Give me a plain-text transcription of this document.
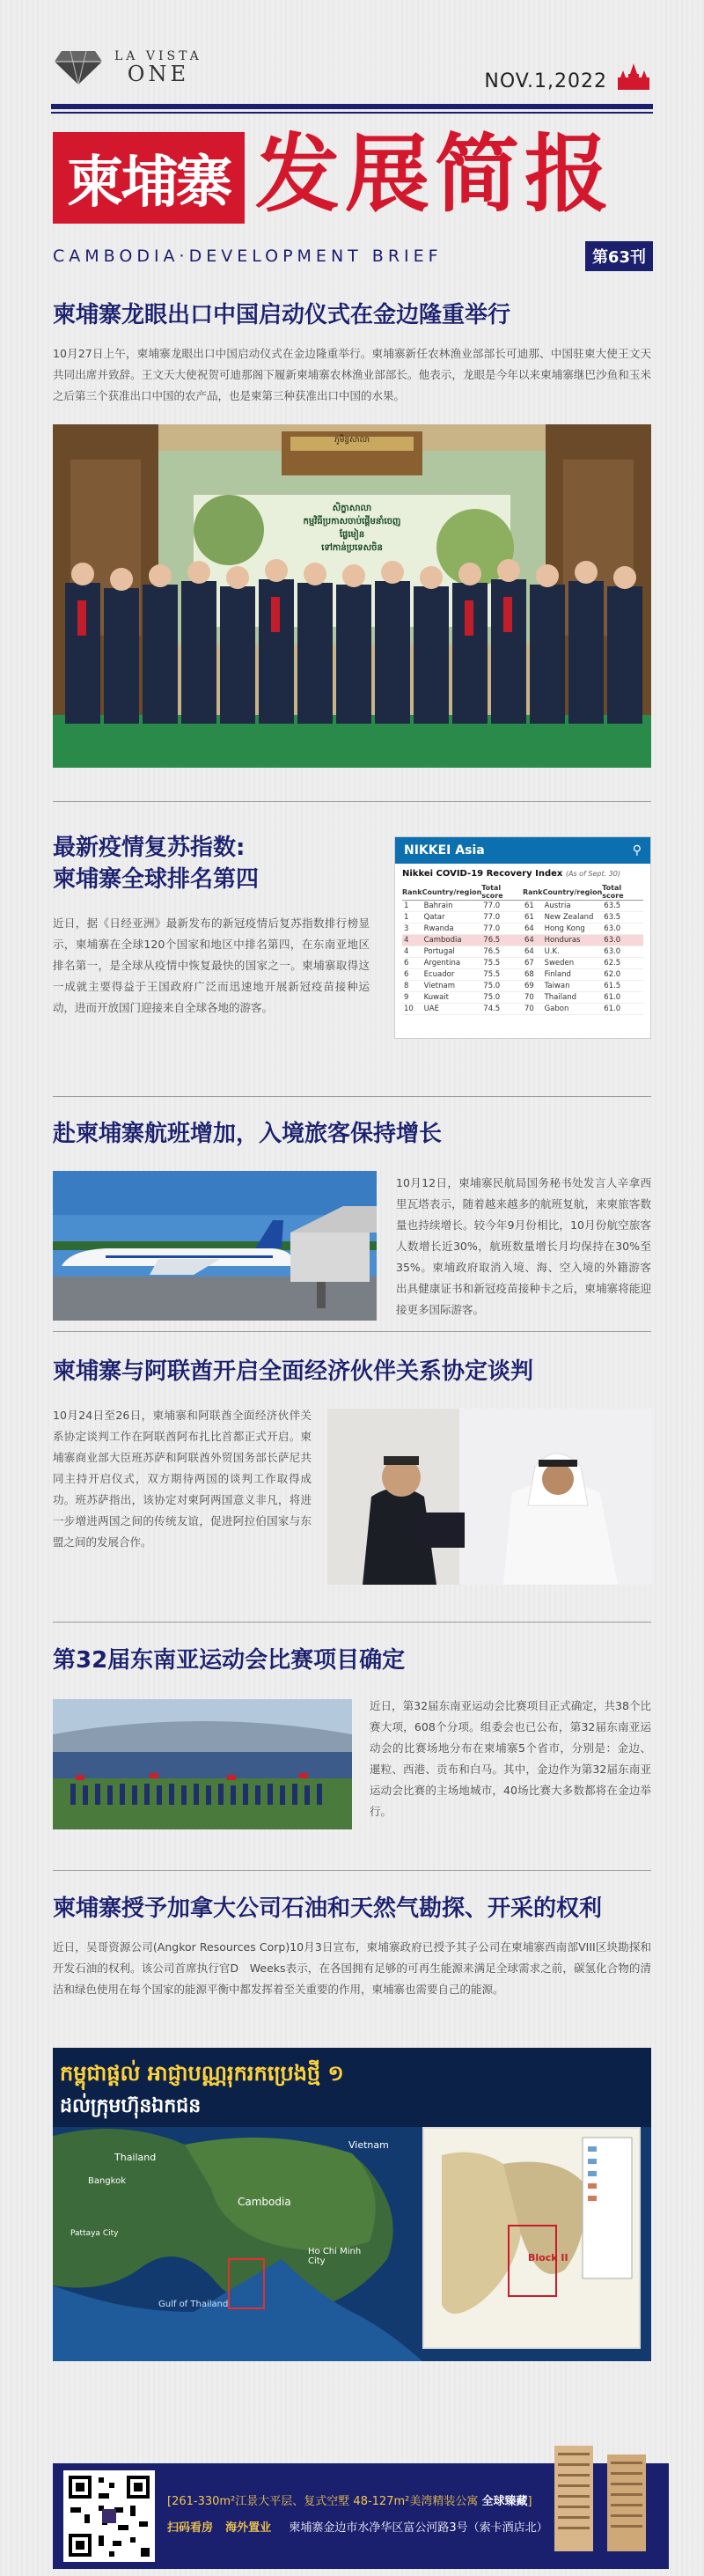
LA VISTA
ONE	NOV.1,2022
柬埔寨 发展简报
CAMBODIA·DEVELOPMENT BRIEF	第63刊
柬埔寨龙眼出口中国启动仪式在金边隆重举行
10月27日上午，柬埔寨龙眼出口中国启动仪式在金边隆重举行。柬埔寨新任农林渔业部部长可迪那、中国驻柬大使王文天共同出席并致辞。王文天大使祝贺可迪那阁下履新柬埔寨农林渔业部部长。他表示，龙眼是今年以来柬埔寨继巴沙鱼和玉米之后第三个获准出口中国的农产品，也是柬第三种获准出口中国的水果。
សិក្ខាសាលា
កម្មវិធីប្រកាសចាប់ផ្ដើមនាំចេញ
ផ្លែមៀន
ទៅកាន់ប្រទេសចិន
ភូមិន្ទសាលា
最新疫情复苏指数:
柬埔寨全球排名第四
近日，据《日经亚洲》最新发布的新冠疫情后复苏指数排行榜显示，柬埔寨在全球120个国家和地区中排名第四，在东南亚地区排名第一，是全球从疫情中恢复最快的国家之一。柬埔寨取得这一成就主要得益于王国政府广泛而迅速地开展新冠疫苗接种运动，进而开放国门迎接来自全球各地的游客。
NIKKEI Asia	⚲
Nikkei COVID-19 Recovery Index (As of Sept. 30)
Rank	Country/region	Total score	Rank	Country/region	Total score
1	Bahrain	77.0	61	Austria	63.5
1	Qatar	77.0	61	New Zealand	63.5
3	Rwanda	77.0	64	Hong Kong	63.0
4	Cambodia	76.5	64	Honduras	63.0
4	Portugal	76.5	64	U.K.	63.0
6	Argentina	75.5	67	Sweden	62.5
6	Ecuador	75.5	68	Finland	62.0
8	Vietnam	75.0	69	Taiwan	61.5
9	Kuwait	75.0	70	Thailand	61.0
10	UAE	74.5	70	Gabon	61.0
赴柬埔寨航班增加，入境旅客保持增长
10月12日，柬埔寨民航局国务秘书处发言人辛拿西里瓦塔表示，随着越来越多的航班复航，来柬旅客数量也持续增长。较今年9月份相比，10月份航空旅客人数增长近30%，航班数量增长月均保持在30%至35%。柬埔政府取消入境、海、空入境的外籍游客出具健康证书和新冠疫苗接种卡之后，柬埔寨将能迎接更多国际游客。
柬埔寨与阿联酋开启全面经济伙伴关系协定谈判
10月24日至26日，柬埔寨和阿联酋全面经济伙伴关系协定谈判工作在阿联酋阿布扎比首都正式开启。柬埔寨商业部大臣班苏萨和阿联酋外贸国务部长萨尼共同主持开启仪式，双方期待两国的谈判工作取得成功。班苏萨指出，该协定对柬阿两国意义非凡，将进一步增进两国之间的传统友谊，促进阿拉伯国家与东盟之间的发展合作。
第32届东南亚运动会比赛项目确定
近日，第32届东南亚运动会比赛项目正式确定，共38个比赛大项，608个分项。组委会也已公布，第32届东南亚运动会的比赛场地分布在柬埔寨5个省市，分别是：金边、暹粒、西港、贡布和白马。其中，金边作为第32届东南亚运动会比赛的主场地城市，40场比赛大多数都将在金边举行。
柬埔寨授予加拿大公司石油和天然气勘探、开采的权利
近日，吴哥资源公司(Angkor Resources Corp)10月3日宣布，柬埔寨政府已授予其子公司在柬埔寨西南部VIII区块勘探和开发石油的权利。该公司首席执行官D　Weeks表示，在各国拥有足够的可再生能源来满足全球需求之前，碳氢化合物的清洁和绿色使用在每个国家的能源平衡中都发挥着至关重要的作用，柬埔寨也需要自己的能源。
កម្ពុជាផ្ដល់ អាជ្ញាបណ្ណរុករកប្រេងថ្មី ១
ដល់ក្រុមហ៊ុនឯកជន
Thailand
Bangkok
Cambodia
Vietnam
Ho Chi Minh City
Gulf of Thailand
Pattaya City
Block II
[261-330m²江景大平层、复式空墅 48-127m²美湾精装公寓 全球臻藏]
扫码看房 海外置业 柬埔寨金边市水净华区富公河路3号（索卡酒店北）
